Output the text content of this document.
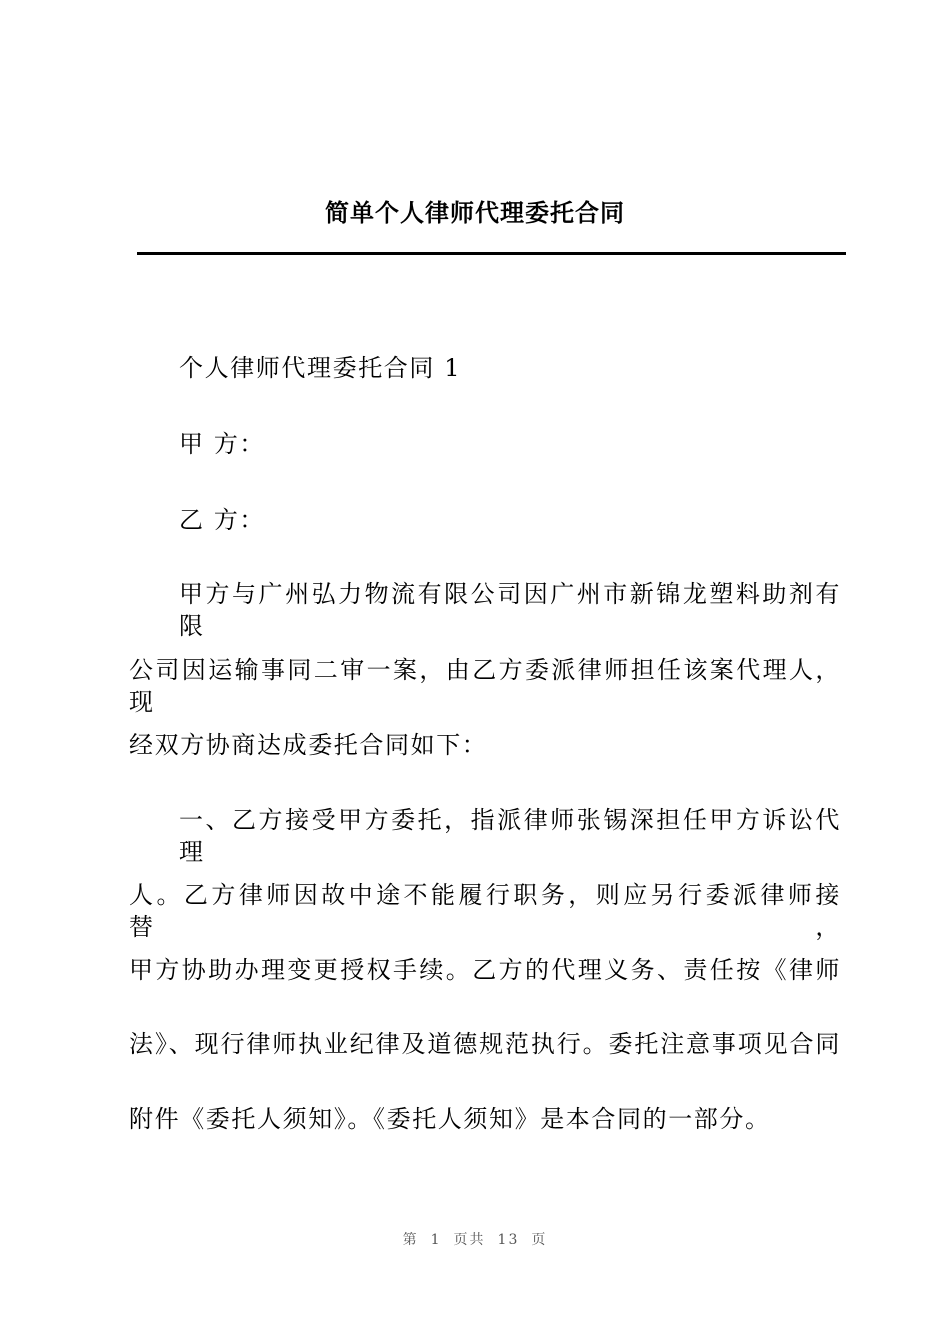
简单个人律师代理委托合同
个人律师代理委托合同 1
甲 方：
乙 方：
甲方与广州弘力物流有限公司因广州市新锦龙塑料助剂有限
公司因运输事同二审一案，由乙方委派律师担任该案代理人，现
经双方协商达成委托合同如下：
一、乙方接受甲方委托，指派律师张锡深担任甲方诉讼代理
人。乙方律师因故中途不能履行职务，则应另行委派律师接替，
甲方协助办理变更授权手续。乙方的代理义务、责任按《律师
法》、现行律师执业纪律及道德规范执行。委托注意事项见合同
附件《委托人须知》。《委托人须知》是本合同的一部分。
第 1 页共 13 页
